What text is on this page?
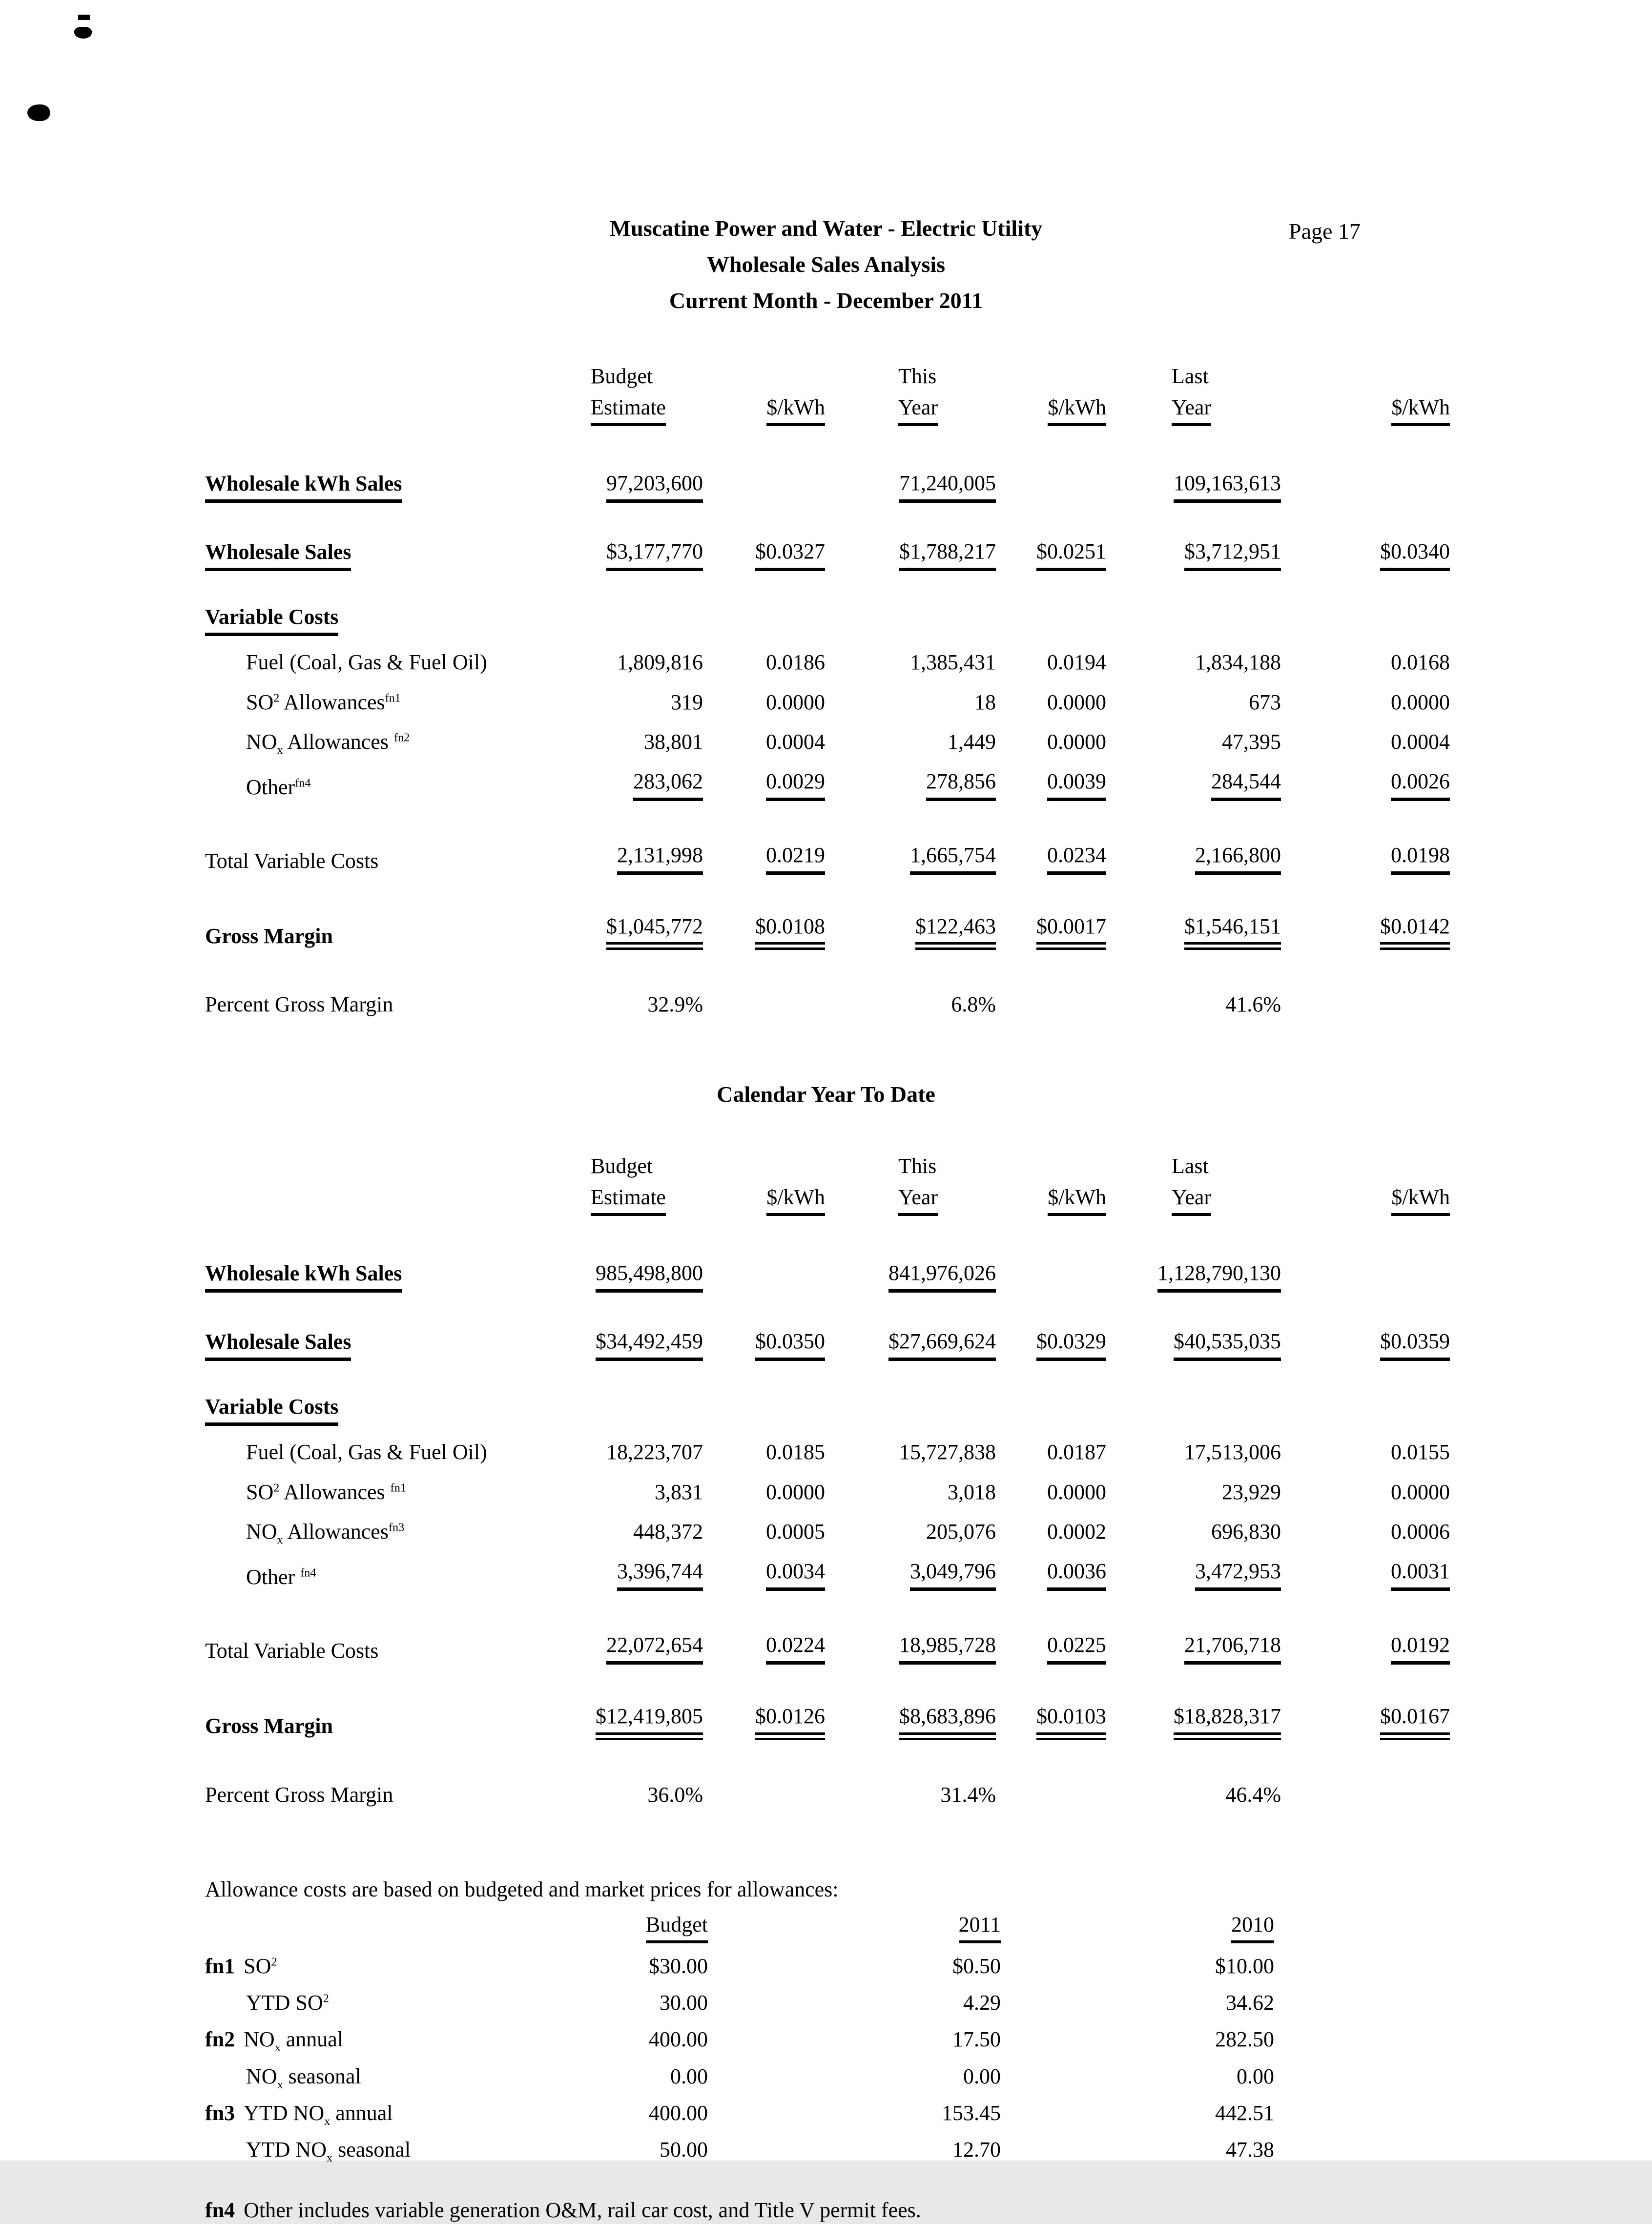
Page 17
Muscatine Power and Water - Electric Utility
Wholesale Sales Analysis
Current Month - December 2011
	Budget		This		Last	
	Estimate	$/kWh	Year	$/kWh	Year	$/kWh
Wholesale kWh Sales	97,203,600		71,240,005		109,163,613	
Wholesale Sales	$3,177,770	$0.0327	$1,788,217	$0.0251	$3,712,951	$0.0340
Variable Costs						
Fuel (Coal, Gas & Fuel Oil)	1,809,816	0.0186	1,385,431	0.0194	1,834,188	0.0168
$SO^2$ Allowances$^{fn1}$	319	0.0000	18	0.0000	673	0.0000
$NO_x$ Allowances $^{fn2}$	38,801	0.0004	1,449	0.0000	47,395	0.0004
Other$^{fn4}$	283,062	0.0029	278,856	0.0039	284,544	0.0026
Total Variable Costs	2,131,998	0.0219	1,665,754	0.0234	2,166,800	0.0198
Gross Margin	$1,045,772	$0.0108	$122,463	$0.0017	$1,546,151	$0.0142
Percent Gross Margin	32.9%		6.8%		41.6%	
Calendar Year To Date
	Budget		This		Last	
	Estimate	$/kWh	Year	$/kWh	Year	$/kWh
Wholesale kWh Sales	985,498,800		841,976,026		1,128,790,130	
Wholesale Sales	$34,492,459	$0.0350	$27,669,624	$0.0329	$40,535,035	$0.0359
Variable Costs						
Fuel (Coal, Gas & Fuel Oil)	18,223,707	0.0185	15,727,838	0.0187	17,513,006	0.0155
$SO^2$ Allowances $^{fn1}$	3,831	0.0000	3,018	0.0000	23,929	0.0000
$NO_x$ Allowances$^{fn3}$	448,372	0.0005	205,076	0.0002	696,830	0.0006
Other $^{fn4}$	3,396,744	0.0034	3,049,796	0.0036	3,472,953	0.0031
Total Variable Costs	22,072,654	0.0224	18,985,728	0.0225	21,706,718	0.0192
Gross Margin	$12,419,805	$0.0126	$8,683,896	$0.0103	$18,828,317	$0.0167
Percent Gross Margin	36.0%		31.4%		46.4%	
Allowance costs are based on budgeted and market prices for allowances:
	Budget	2011	2010
fn1 $SO^2$	$30.00	$0.50	$10.00
YTD $SO^2$	30.00	4.29	34.62
fn2 $NO_x$ annual	400.00	17.50	282.50
$NO_x$ seasonal	0.00	0.00	0.00
fn3 YTD $NO_x$ annual	400.00	153.45	442.51
YTD $NO_x$ seasonal	50.00	12.70	47.38
fn4 Other includes variable generation O&M, rail car cost, and Title V permit fees.
